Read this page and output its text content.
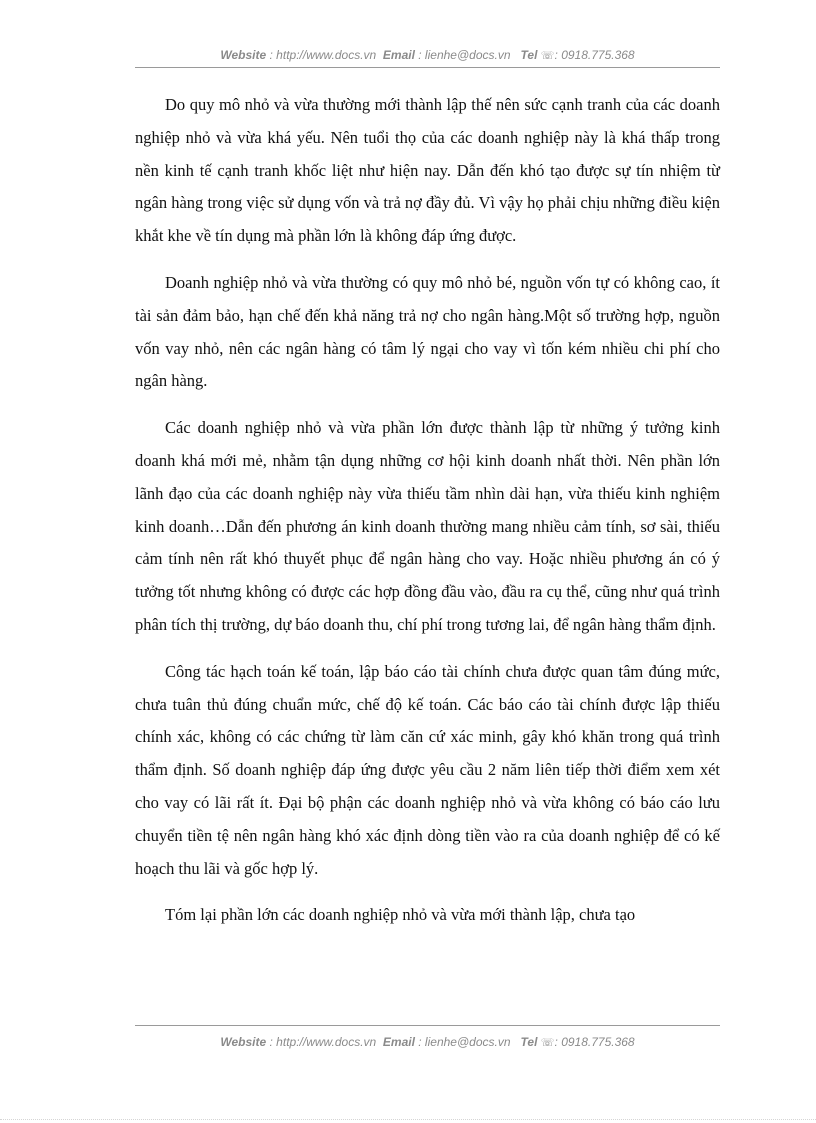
Website : http://www.docs.vn Email : lienhe@docs.vn Tel ☏: 0918.775.368

Do quy mô nhỏ và vừa thường mới thành lập thế nên sức cạnh tranh của các doanh nghiệp nhỏ và vừa khá yếu. Nên tuổi thọ của các doanh nghiệp này là khá thấp trong nền kinh tế cạnh tranh khốc liệt như hiện nay. Dẫn đến khó tạo được sự tín nhiệm từ ngân hàng trong việc sử dụng vốn và trả nợ đầy đủ. Vì vậy họ phải chịu những điều kiện khắt khe về tín dụng mà phần lớn là không đáp ứng được.

Doanh nghiệp nhỏ và vừa thường có quy mô nhỏ bé, nguồn vốn tự có không cao, ít tài sản đảm bảo, hạn chế đến khả năng trả nợ cho ngân hàng.Một số trường hợp, nguồn vốn vay nhỏ, nên các ngân hàng có tâm lý ngại cho vay vì tốn kém nhiều chi phí cho ngân hàng.

Các doanh nghiệp nhỏ và vừa phần lớn được thành lập từ những ý tưởng kinh doanh khá mới mẻ, nhằm tận dụng những cơ hội kinh doanh nhất thời. Nên phần lớn lãnh đạo của các doanh nghiệp này vừa thiếu tầm nhìn dài hạn, vừa thiếu kinh nghiệm kinh doanh…Dẫn đến phương án kinh doanh thường mang nhiều cảm tính, sơ sài, thiếu cảm tính nên rất khó thuyết phục để ngân hàng cho vay. Hoặc nhiều phương án có ý tưởng tốt nhưng không có được các hợp đồng đầu vào, đầu ra cụ thể, cũng như quá trình phân tích thị trường, dự báo doanh thu, chí phí trong tương lai, để ngân hàng thẩm định.

Công tác hạch toán kế toán, lập báo cáo tài chính chưa được quan tâm đúng mức, chưa tuân thủ đúng chuẩn mức, chế độ kế toán. Các báo cáo tài chính được lập thiếu chính xác, không có các chứng từ làm căn cứ xác minh, gây khó khăn trong quá trình thẩm định. Số doanh nghiệp đáp ứng được yêu cầu 2 năm liên tiếp thời điểm xem xét cho vay có lãi rất ít. Đại bộ phận các doanh nghiệp nhỏ và vừa không có báo cáo lưu chuyển tiền tệ nên ngân hàng khó xác định dòng tiền vào ra của doanh nghiệp để có kế hoạch thu lãi và gốc hợp lý.

Tóm lại phần lớn các doanh nghiệp nhỏ và vừa mới thành lập, chưa tạo

Website : http://www.docs.vn Email : lienhe@docs.vn Tel ☏: 0918.775.368
